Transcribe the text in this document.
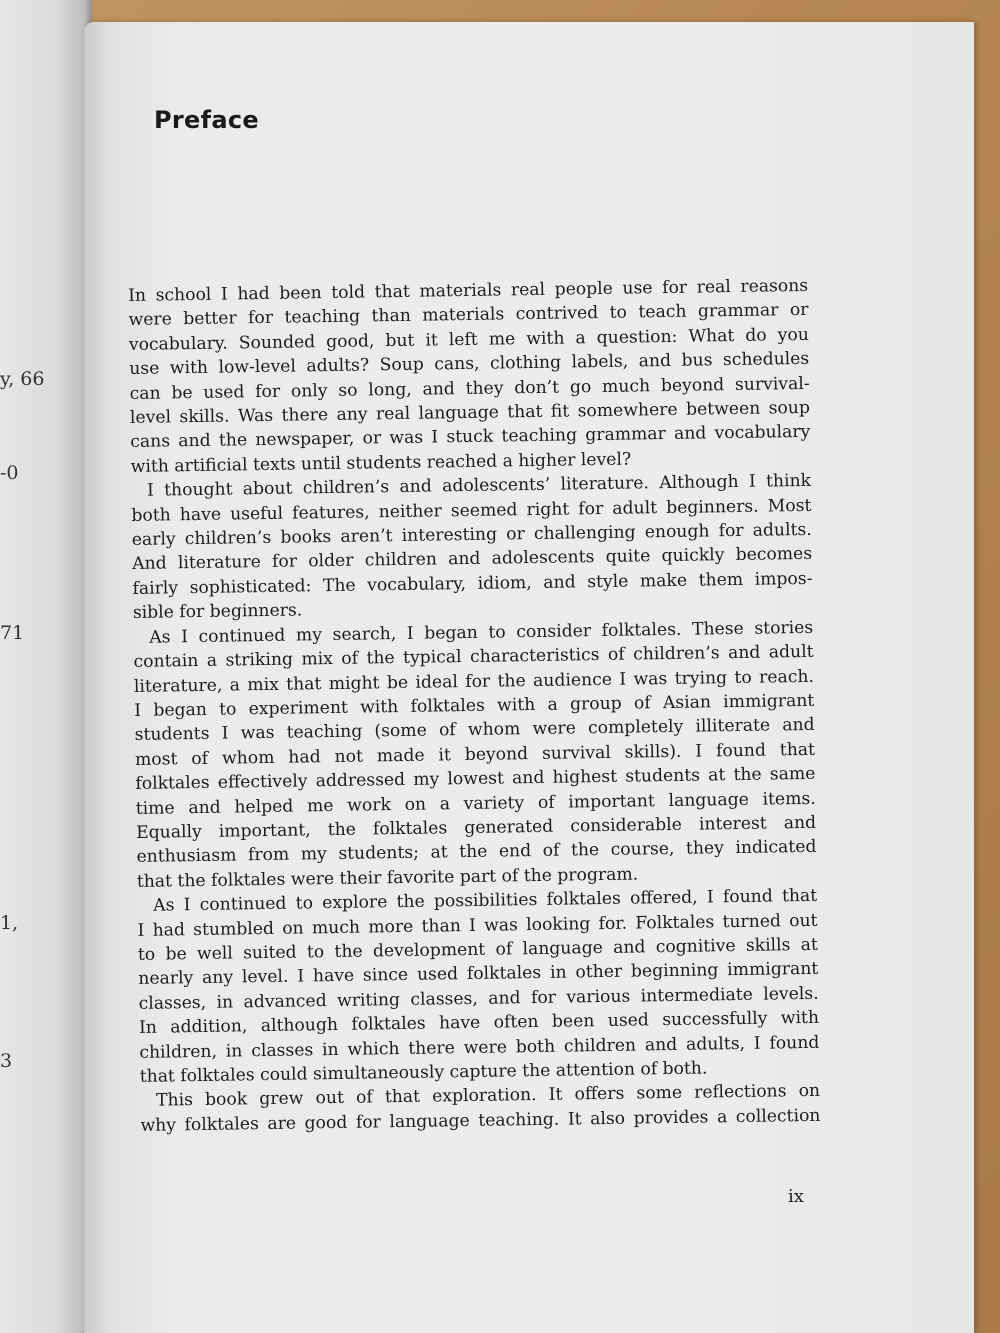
y, 66
-0
71
1,
3
Preface
In school I had been told that materials real people use for real reasons
were better for teaching than materials contrived to teach grammar or
vocabulary. Sounded good, but it left me with a question: What do you
use with low-level adults? Soup cans, clothing labels, and bus schedules
can be used for only so long, and they don’t go much beyond survival-
level skills. Was there any real language that fit somewhere between soup
cans and the newspaper, or was I stuck teaching grammar and vocabulary
with artificial texts until students reached a higher level?
I thought about children’s and adolescents’ literature. Although I think
both have useful features, neither seemed right for adult beginners. Most
early children’s books aren’t interesting or challenging enough for adults.
And literature for older children and adolescents quite quickly becomes
fairly sophisticated: The vocabulary, idiom, and style make them impos-
sible for beginners.
As I continued my search, I began to consider folktales. These stories
contain a striking mix of the typical characteristics of children’s and adult
literature, a mix that might be ideal for the audience I was trying to reach.
I began to experiment with folktales with a group of Asian immigrant
students I was teaching (some of whom were completely illiterate and
most of whom had not made it beyond survival skills). I found that
folktales effectively addressed my lowest and highest students at the same
time and helped me work on a variety of important language items.
Equally important, the folktales generated considerable interest and
enthusiasm from my students; at the end of the course, they indicated
that the folktales were their favorite part of the program.
As I continued to explore the possibilities folktales offered, I found that
I had stumbled on much more than I was looking for. Folktales turned out
to be well suited to the development of language and cognitive skills at
nearly any level. I have since used folktales in other beginning immigrant
classes, in advanced writing classes, and for various intermediate levels.
In addition, although folktales have often been used successfully with
children, in classes in which there were both children and adults, I found
that folktales could simultaneously capture the attention of both.
This book grew out of that exploration. It offers some reflections on
why folktales are good for language teaching. It also provides a collection
ix
